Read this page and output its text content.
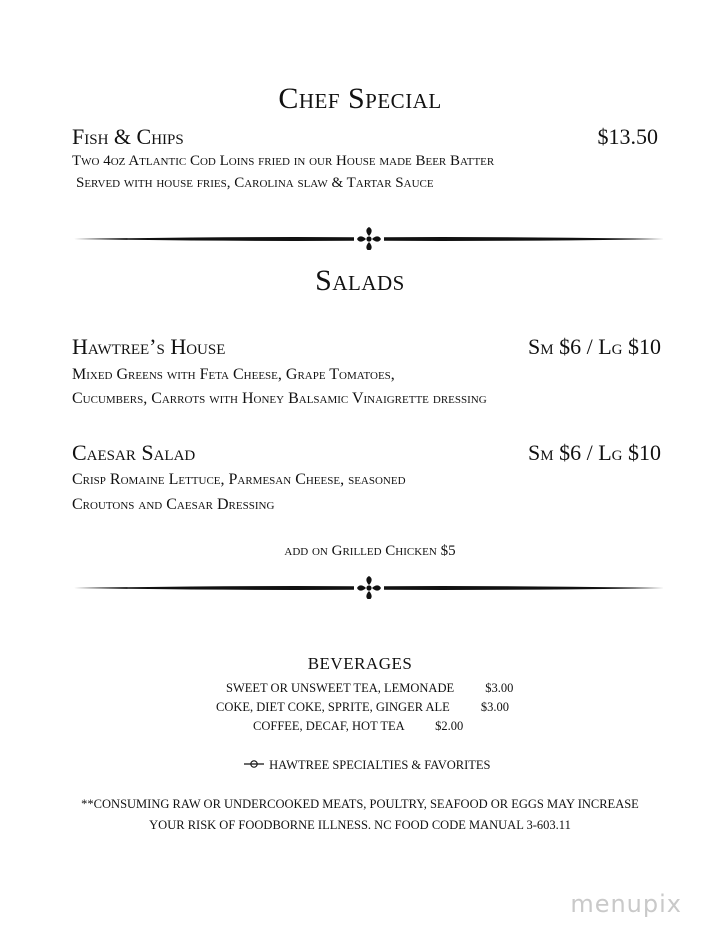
Chef Special
Fish & Chips	$13.50
Two 4oz Atlantic Cod Loins fried in our House made Beer Batter
Served with house fries, Carolina slaw & Tartar Sauce
Salads
Hawtree’s House	Sm $6 / Lg $10
Mixed Greens with Feta Cheese, Grape Tomatoes,
Cucumbers, Carrots with Honey Balsamic Vinaigrette dressing
Caesar Salad	Sm $6 / Lg $10
Crisp Romaine Lettuce, Parmesan Cheese, seasoned
Croutons and Caesar Dressing
add on Grilled Chicken $5
BEVERAGES
SWEET OR UNSWEET TEA, LEMONADE $3.00
COKE, DIET COKE, SPRITE, GINGER ALE $3.00
COFFEE, DECAF, HOT TEA $2.00
HAWTREE SPECIALTIES & FAVORITES
**CONSUMING RAW OR UNDERCOOKED MEATS, POULTRY, SEAFOOD OR EGGS MAY INCREASE
YOUR RISK OF FOODBORNE ILLNESS. NC FOOD CODE MANUAL 3-603.11
menupix
